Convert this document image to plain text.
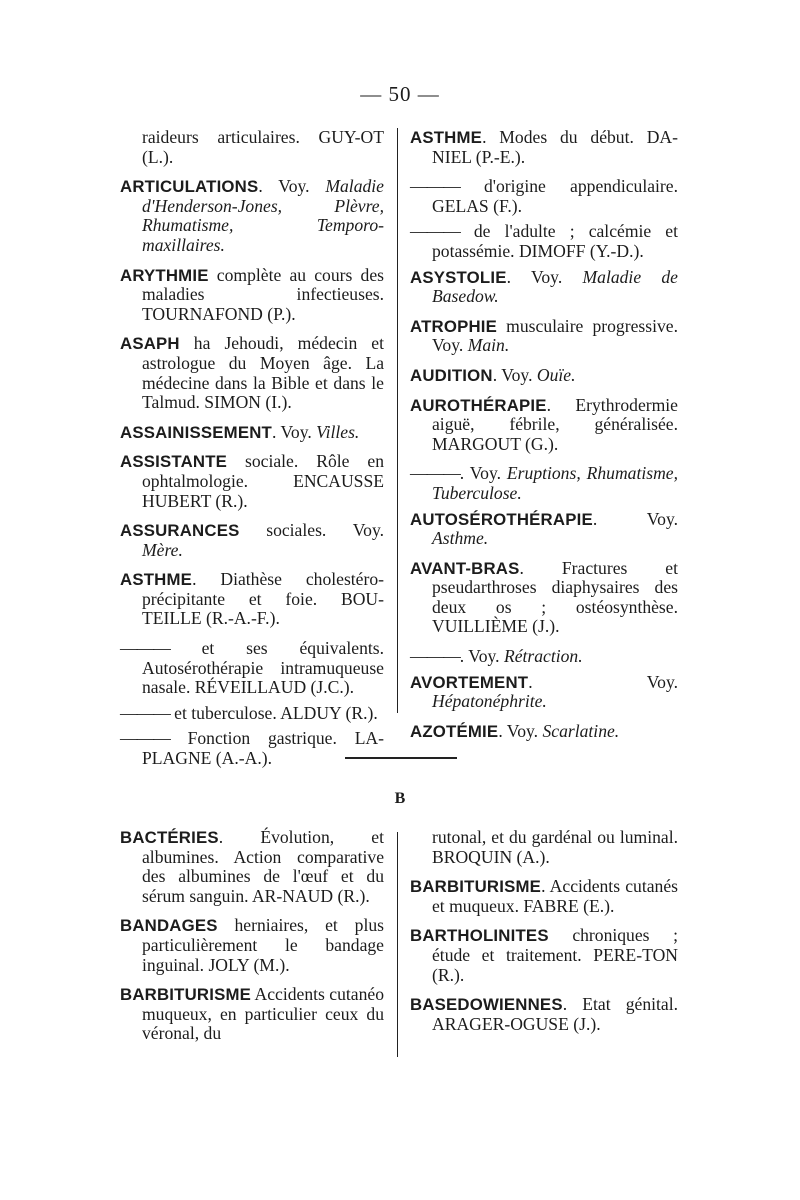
— 50 —

raideurs articulaires. GUY-OT (L.).

ARTICULATIONS. Voy. Maladie d'Henderson-Jones, Plèvre, Rhumatisme, Temporo-maxillaires.

ARYTHMIE complète au cours des maladies infectieuses. TOURNAFOND (P.).

ASAPH ha Jehoudi, médecin et astrologue du Moyen âge. La médecine dans la Bible et dans le Talmud. SIMON (I.).

ASSAINISSEMENT. Voy. Villes.

ASSISTANTE sociale. Rôle en ophtalmologie. ENCAUSSE HUBERT (R.).

ASSURANCES sociales. Voy. Mère.

ASTHME. Diathèse cholestéro-précipitante et foie. BOU-TEILLE (R.-A.-F.).

——— et ses équivalents. Autosérothérapie intramuqueuse nasale. RÉVEILLAUD (J.C.).

——— et tuberculose. ALDUY (R.).

——— Fonction gastrique. LA-PLAGNE (A.-A.).

ASTHME. Modes du début. DA-NIEL (P.-E.).

——— d'origine appendiculaire. GELAS (F.).

——— de l'adulte ; calcémie et potassémie. DIMOFF (Y.-D.).

ASYSTOLIE. Voy. Maladie de Basedow.

ATROPHIE musculaire progressive. Voy. Main.

AUDITION. Voy. Ouïe.

AUROTHÉRAPIE. Erythrodermie aiguë, fébrile, généralisée. MARGOUT (G.).

———. Voy. Eruptions, Rhumatisme, Tuberculose.

AUTOSÉROTHÉRAPIE. Voy. Asthme.

AVANT-BRAS. Fractures et pseudarthroses diaphysaires des deux os ; ostéosynthèse. VUILLIÈME (J.).

———. Voy. Rétraction.

AVORTEMENT. Voy. Hépatonéphrite.

AZOTÉMIE. Voy. Scarlatine.

B

BACTÉRIES. Évolution, et albumines. Action comparative des albumines de l'œuf et du sérum sanguin. AR-NAUD (R.).

BANDAGES herniaires, et plus particulièrement le bandage inguinal. JOLY (M.).

BARBITURISME Accidents cutanéo muqueux, en particulier ceux du véronal, du

rutonal, et du gardénal ou luminal. BROQUIN (A.).

BARBITURISME. Accidents cutanés et muqueux. FABRE (E.).

BARTHOLINITES chroniques ; étude et traitement. PERE-TON (R.).

BASEDOWIENNES. Etat génital. ARAGER-OGUSE (J.).
